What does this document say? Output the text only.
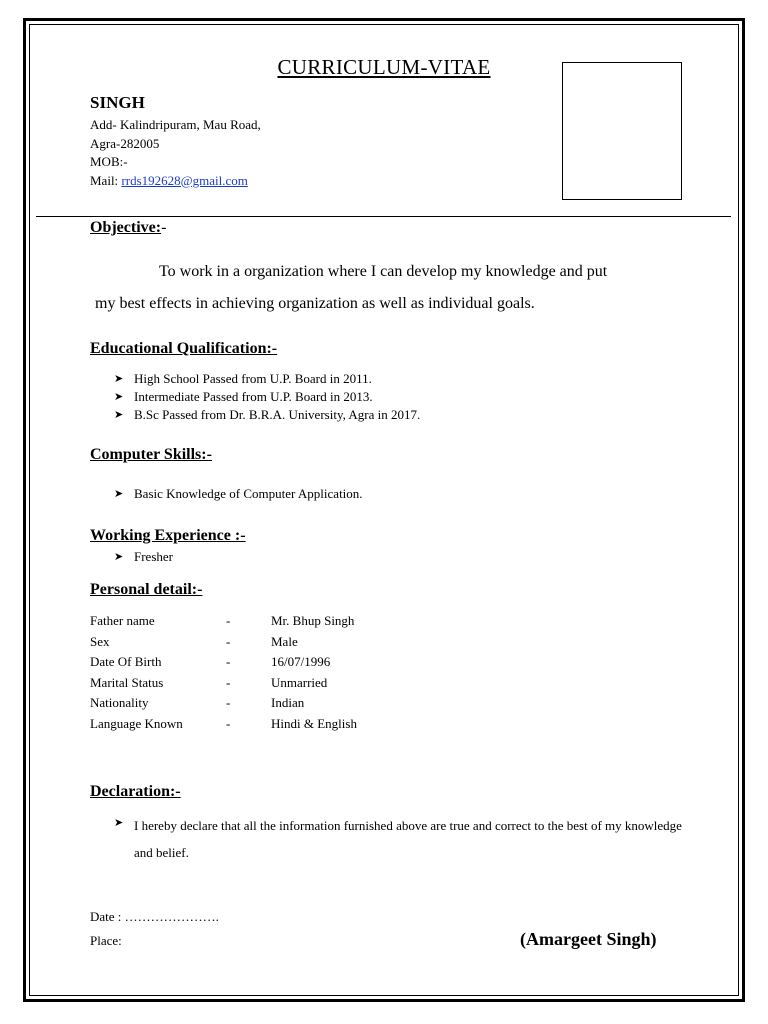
CURRICULUM-VITAE
SINGH
Add- Kalindripuram, Mau Road,
Agra-282005
MOB:-
Mail: rrds192628@gmail.com
Objective:-
To work in a organization where I can develop my knowledge and put
my best effects in achieving organization as well as individual goals.
Educational Qualification:-
➤ High School Passed from U.P. Board in 2011.
➤ Intermediate Passed from U.P. Board in 2013.
➤ B.Sc Passed from Dr. B.R.A. University, Agra in 2017.
Computer Skills:-
➤ Basic Knowledge of Computer Application.
Working Experience :-
➤ Fresher
Personal detail:-
Father name	-	Mr. Bhup Singh
Sex	-	Male
Date Of Birth	-	16/07/1996
Marital Status	-	Unmarried
Nationality	-	Indian
Language Known	-	Hindi & English
Declaration:-
➤ I hereby declare that all the information furnished above are true and correct to the best of my knowledge and belief.
Date : ………………….
Place:	(Amargeet Singh)
